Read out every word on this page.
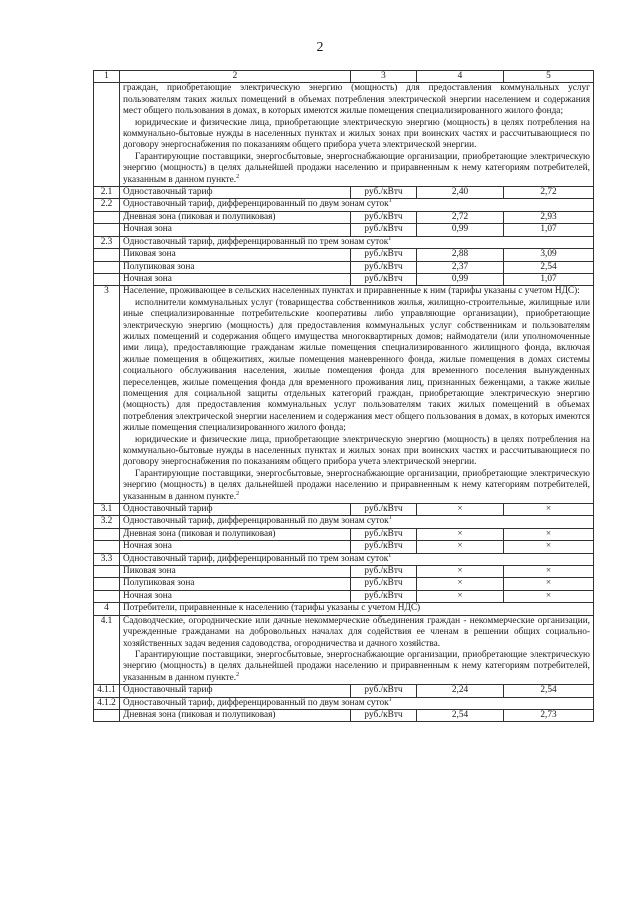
2
1	2	3	4	5

	граждан, приобретающие электрическую энергию (мощность) для предоставления коммунальных услуг пользователям таких жилых помещений в объемах потребления электрической энергии населением и содержания мест общего пользования в домах, в которых имеются жилые помещения специализированного жилого фонда;
юридические и физические лица, приобретающие электрическую энергию (мощность) в целях потребления на коммунально-бытовые нужды в населенных пунктах и жилых зонах при воинских частях и рассчитывающиеся по договору энергоснабжения по показаниям общего прибора учета электрической энергии.
Гарантирующие поставщики, энергосбытовые, энергоснабжающие организации, приобретающие электрическую энергию (мощность) в целях дальнейшей продажи населению и приравненным к нему категориям потребителей, указанным в данном пункте.$^2$

2.1	Одноставочный тариф	руб./кВтч	2,40	2,72
2.2	Одноставочный тариф, дифференцированный по двум зонам суток$^1$
	Дневная зона (пиковая и полупиковая)	руб./кВтч	2,72	2,93
	Ночная зона	руб./кВтч	0,99	1,07
2.3	Одноставочный тариф, дифференцированный по трем зонам суток$^1$
	Пиковая зона	руб./кВтч	2,88	3,09
	Полупиковая зона	руб./кВтч	2,37	2,54
	Ночная зона	руб./кВтч	0,99	1,07
3	Население, проживающее в сельских населенных пунктах и приравненные к ним (тарифы указаны с учетом НДС):
исполнители коммунальных услуг (товарищества собственников жилья, жилищно-строительные, жилищные или иные специализированные потребительские кооперативы либо управляющие организации), приобретающие электрическую энергию (мощность) для предоставления коммунальных услуг собственникам и пользователям жилых помещений и содержания общего имущества многоквартирных домов; наймодатели (или уполномоченные ими лица), предоставляющие гражданам жилые помещения специализированного жилищного фонда, включая жилые помещения в общежитиях, жилые помещения маневренного фонда, жилые помещения в домах системы социального обслуживания населения, жилые помещения фонда для временного поселения вынужденных переселенцев, жилые помещения фонда для временного проживания лиц, признанных беженцами, а также жилые помещения для социальной защиты отдельных категорий граждан, приобретающие электрическую энергию (мощность) для предоставления коммунальных услуг пользователям таких жилых помещений в объемах потребления электрической энергии населением и содержания мест общего пользования в домах, в которых имеются жилые помещения специализированного жилого фонда;
юридические и физические лица, приобретающие электрическую энергию (мощность) в целях потребления на коммунально-бытовые нужды в населенных пунктах и жилых зонах при воинских частях и рассчитывающиеся по договору энергоснабжения по показаниям общего прибора учета электрической энергии.
Гарантирующие поставщики, энергосбытовые, энергоснабжающие организации, приобретающие электрическую энергию (мощность) в целях дальнейшей продажи населению и приравненным к нему категориям потребителей, указанным в данном пункте.$^2$

3.1	Одноставочный тариф	руб./кВтч	×	×
3.2	Одноставочный тариф, дифференцированный по двум зонам суток$^1$
	Дневная зона (пиковая и полупиковая)	руб./кВтч	×	×
	Ночная зона	руб./кВтч	×	×
3.3	Одноставочный тариф, дифференцированный по трем зонам суток$^1$
	Пиковая зона	руб./кВтч	×	×
	Полупиковая зона	руб./кВтч	×	×
	Ночная зона	руб./кВтч	×	×
4	Потребители, приравненные к населению (тарифы указаны с учетом НДС)			
4.1	Садоводческие, огороднические или дачные некоммерческие объединения граждан - некоммерческие организации, учрежденные гражданами на добровольных началах для содействия ее членам в решении общих социально-хозяйственных задач ведения садоводства, огородничества и дачного хозяйства.
Гарантирующие поставщики, энергосбытовые, энергоснабжающие организации, приобретающие электрическую энергию (мощность) в целях дальнейшей продажи населению и приравненным к нему категориям потребителей, указанным в данном пункте.$^2$

4.1.1	Одноставочный тариф	руб./кВтч	2,24	2,54
4.1.2	Одноставочный тариф, дифференцированный по двум зонам суток$^1$
	Дневная зона (пиковая и полупиковая)	руб./кВтч	2,54	2,73
